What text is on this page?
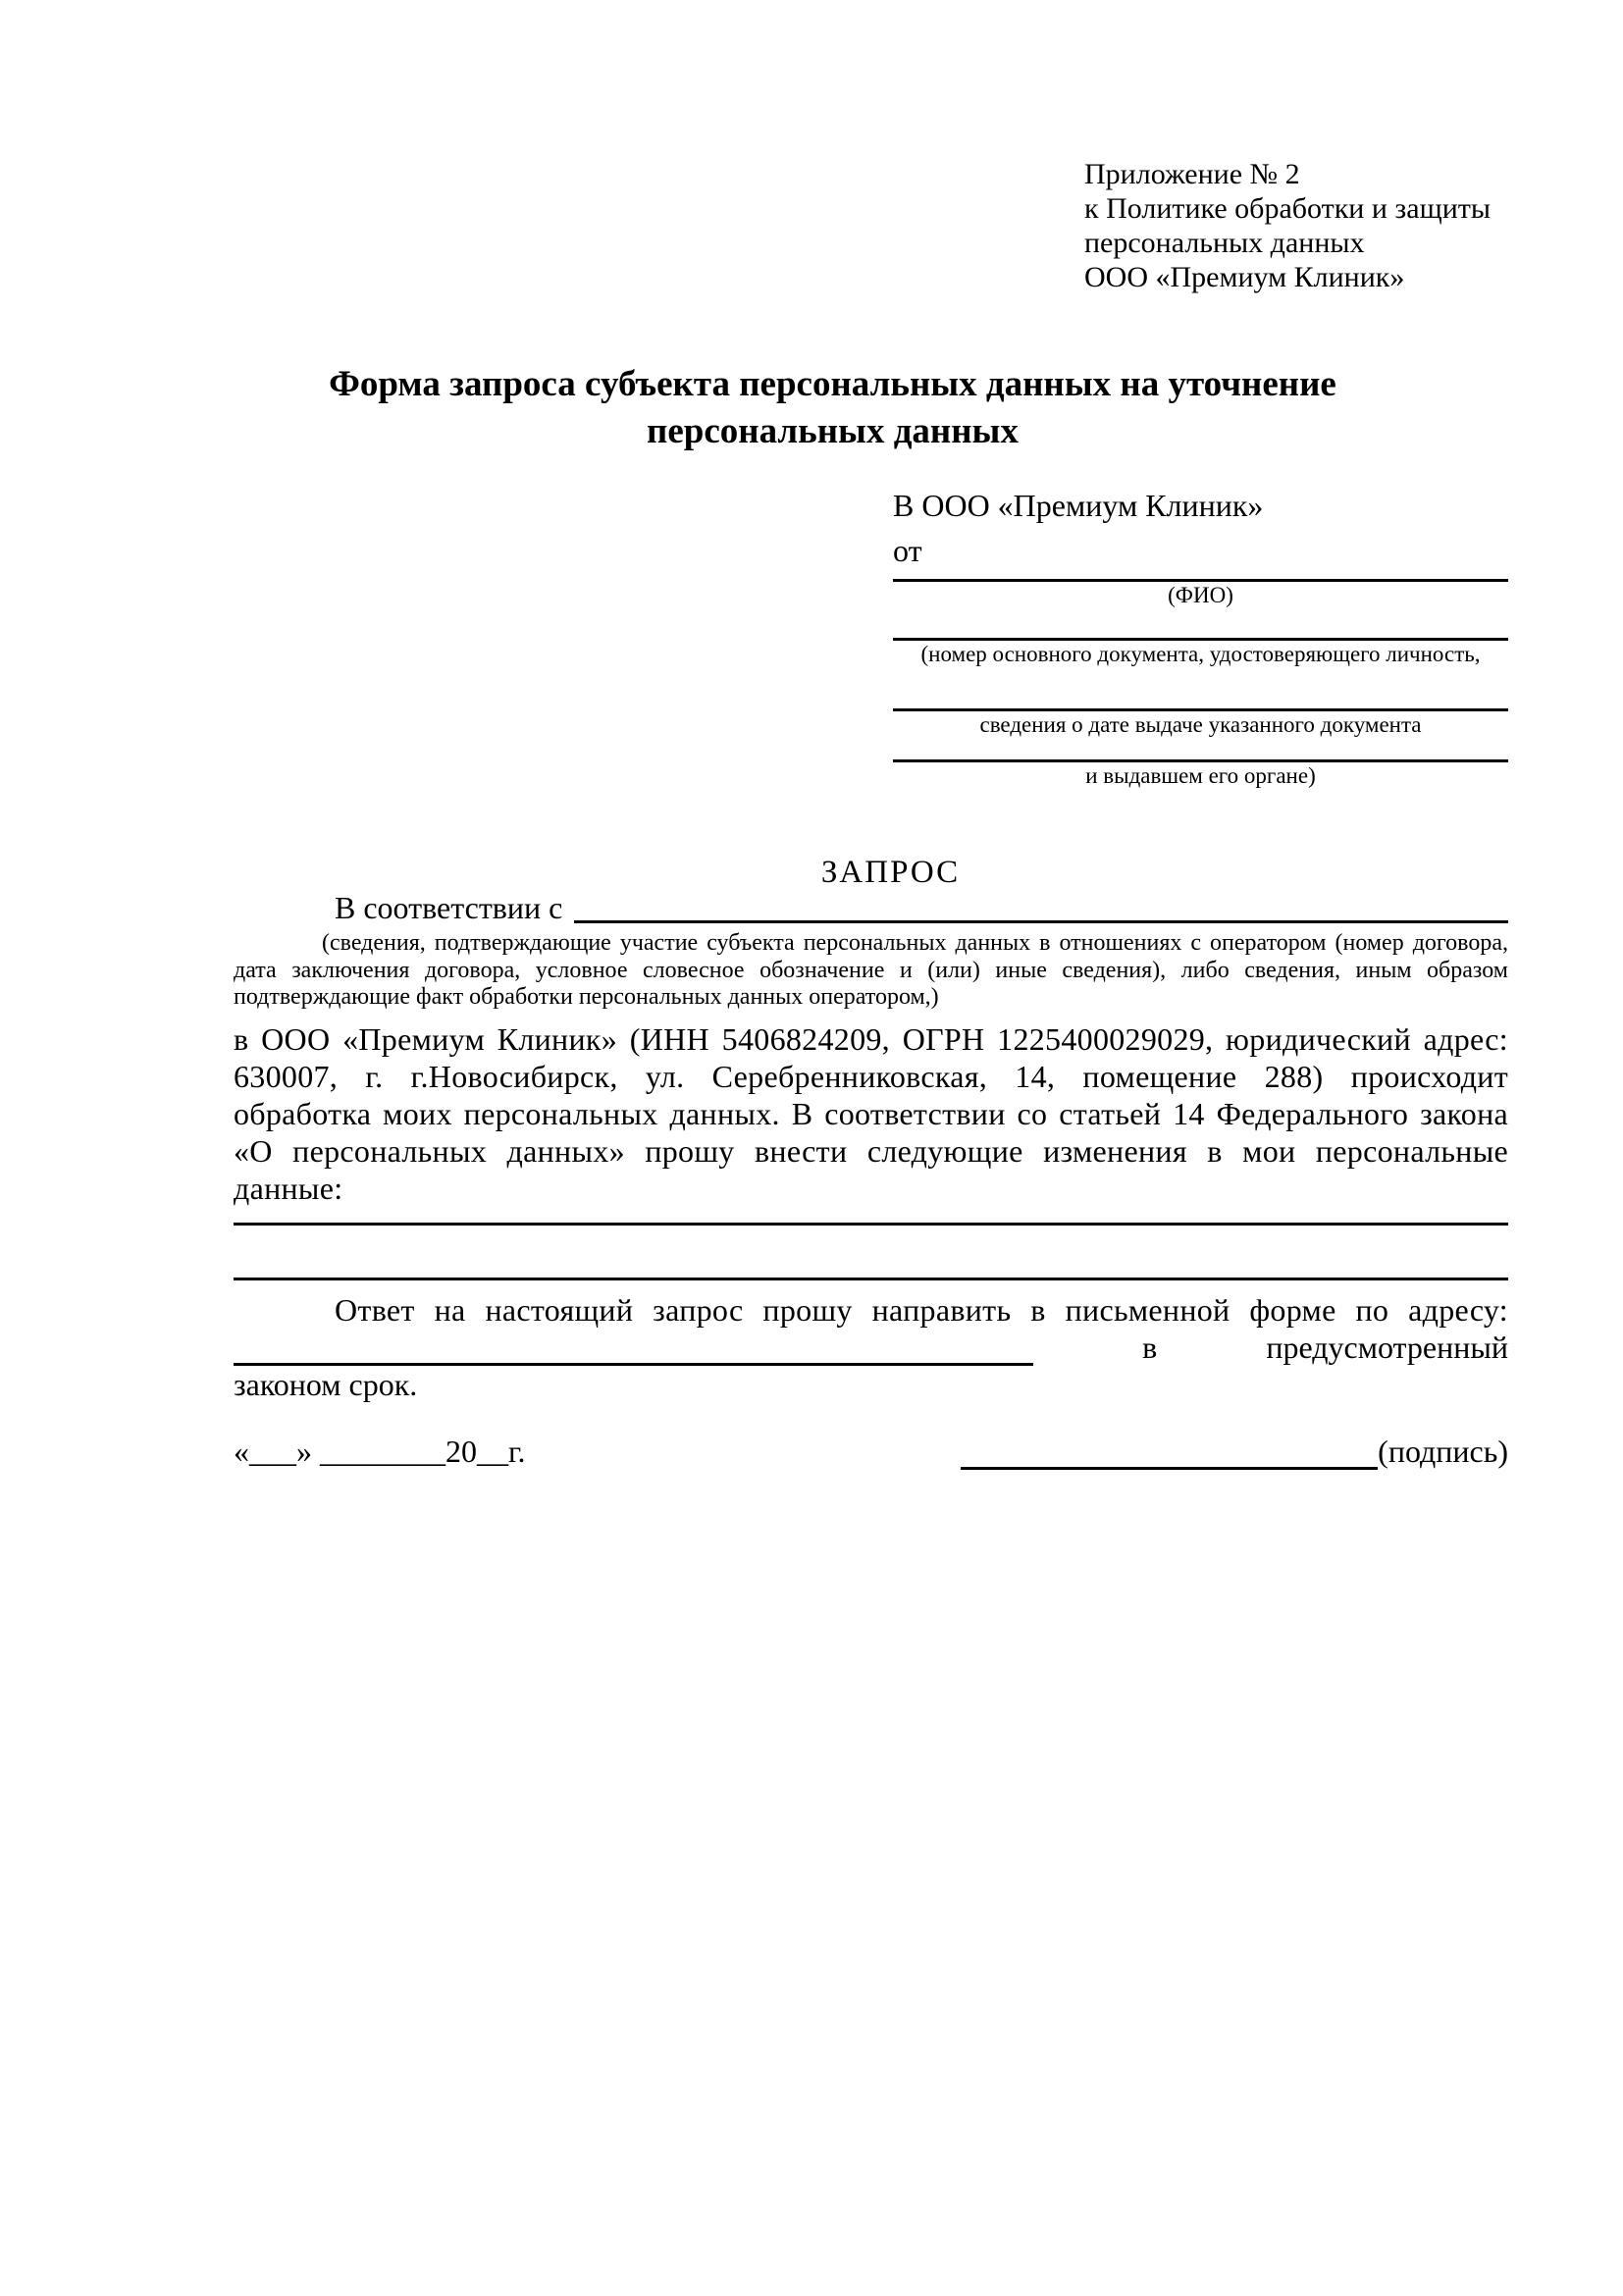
Приложение № 2
к Политике обработки и защиты
персональных данных
ООО «Премиум Клиник»
Форма запроса субъекта персональных данных на уточнение персональных данных
В ООО «Премиум Клиник»
от
(ФИО)
(номер основного документа, удостоверяющего личность,
сведения о дате выдаче указанного документа
и выдавшем его органе)
ЗАПРОС
В соответствии с
(сведения, подтверждающие участие субъекта персональных данных в отношениях с оператором (номер договора, дата заключения договора, условное словесное обозначение и (или) иные сведения), либо сведения, иным образом подтверждающие факт обработки персональных данных оператором,)
в ООО «Премиум Клиник» (ИНН 5406824209, ОГРН 1225400029029, юридический адрес: 630007, г. г.Новосибирск, ул. Серебренниковская, 14, помещение 288) происходит обработка моих персональных данных. В соответствии со статьей 14 Федерального закона «О персональных данных» прошу внести следующие изменения в мои персональные данные:
Ответ на настоящий запрос прошу направить в письменной форме по адресу:
в	предусмотренный
законом срок.
«___» ________20__г.	(подпись)
